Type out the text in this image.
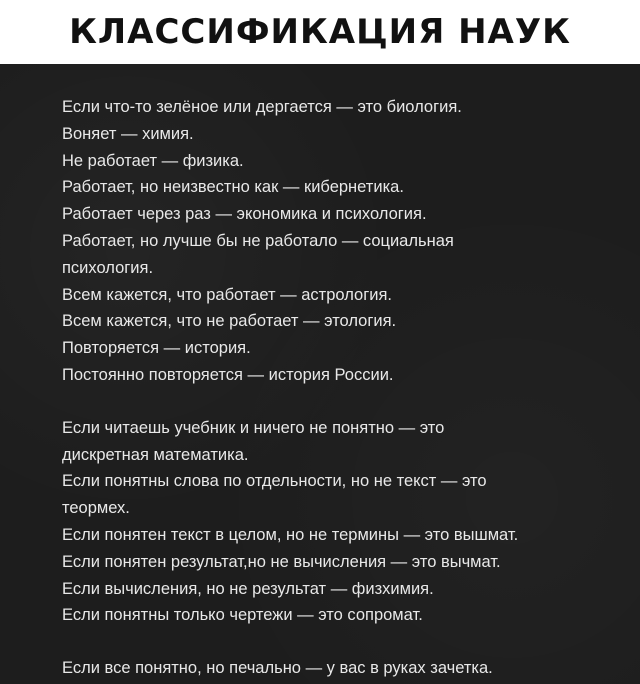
КЛАССИФИКАЦИЯ НАУК
Если что-то зелёное или дергается — это биология.
Воняет — химия.
Не работает — физика.
Работает, но неизвестно как — кибернетика.
Работает через раз — экономика и психология.
Работает, но лучше бы не работало — социальная
психология.
Всем кажется, что работает — астрология.
Всем кажется, что не работает — этология.
Повторяется — история.
Постоянно повторяется — история России.
Если читаешь учебник и ничего не понятно — это
дискретная математика.
Если понятны слова по отдельности, но не текст — это
теормех.
Если понятен текст в целом, но не термины — это вышмат.
Если понятен результат,но не вычисления — это вычмат.
Если вычисления, но не результат — физхимия.
Если понятны только чертежи — это сопромат.
Если все понятно, но печально — у вас в руках зачетка.
